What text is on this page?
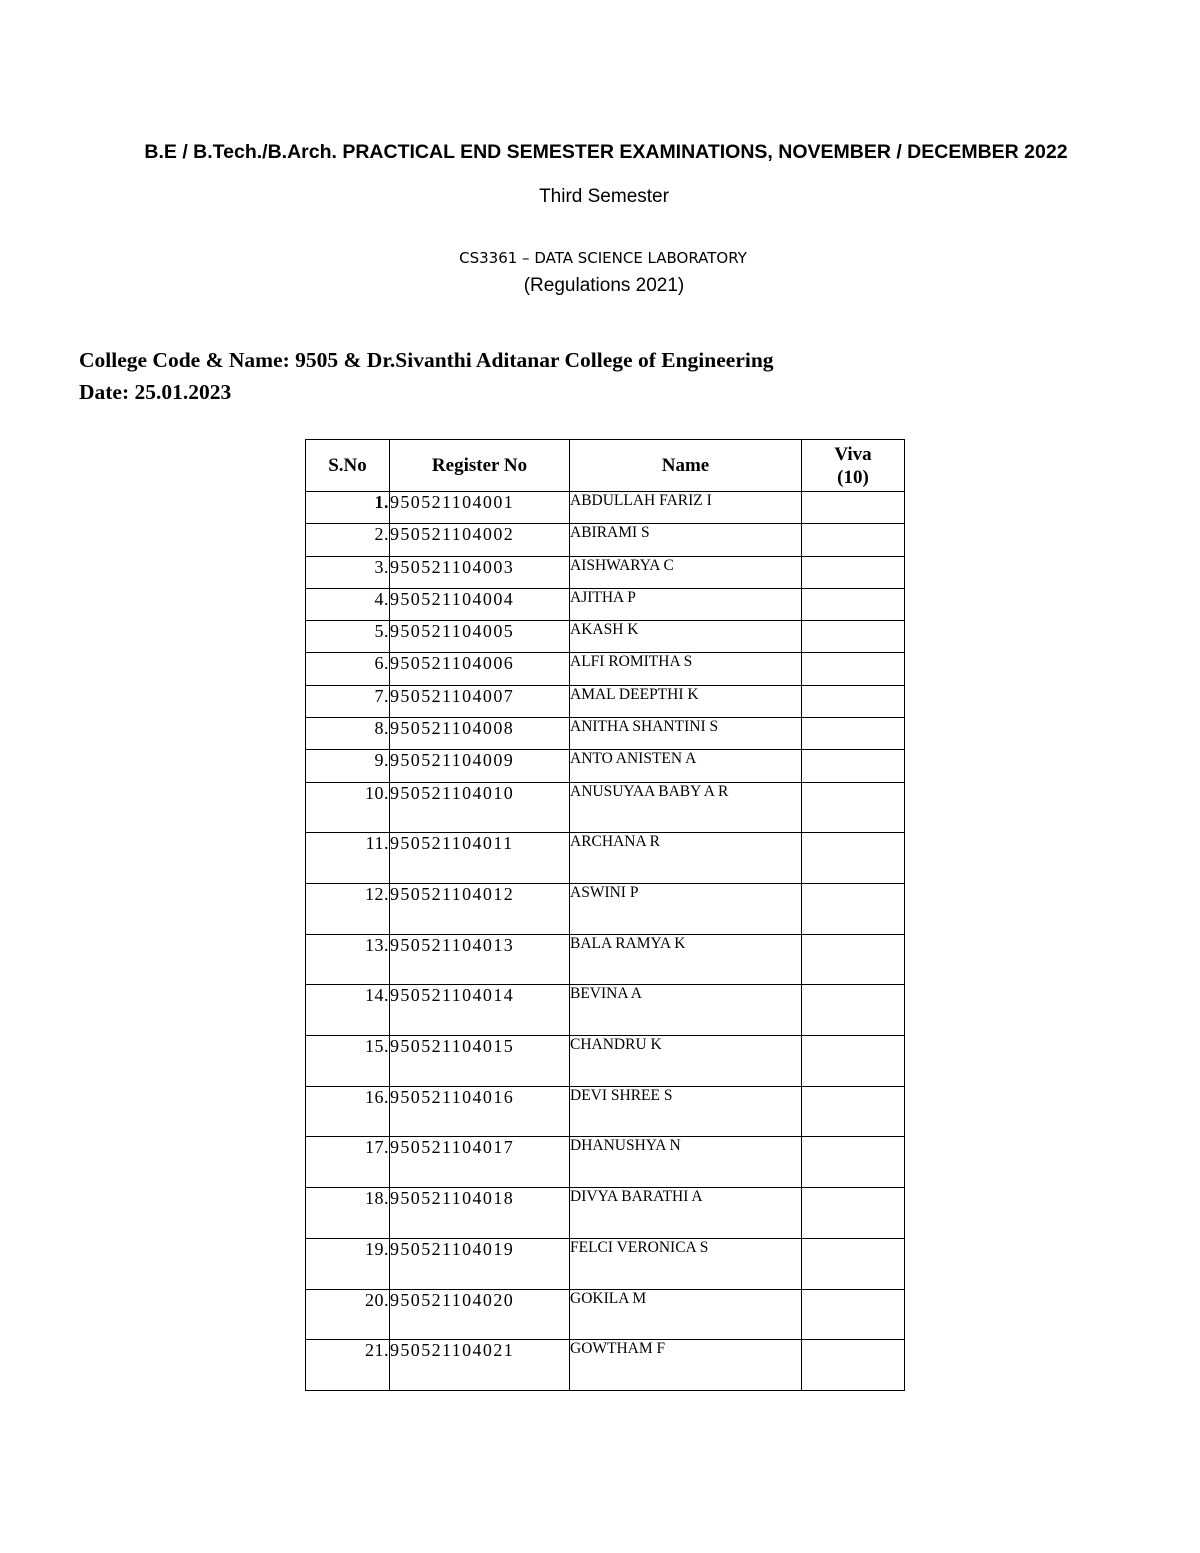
B.E / B.Tech./B.Arch. PRACTICAL END SEMESTER EXAMINATIONS, NOVEMBER / DECEMBER 2022
Third Semester
CS3361 – DATA SCIENCE LABORATORY
(Regulations 2021)
College Code & Name: 9505 & Dr.Sivanthi Aditanar College of Engineering
Date: 25.01.2023
S.No	Register No	Name	Viva
(10)

1.	950521104001	ABDULLAH FARIZ I	
2.	950521104002	ABIRAMI S	
3.	950521104003	AISHWARYA C	
4.	950521104004	AJITHA P	
5.	950521104005	AKASH K	
6.	950521104006	ALFI ROMITHA S	
7.	950521104007	AMAL DEEPTHI K	
8.	950521104008	ANITHA SHANTINI S	
9.	950521104009	ANTO ANISTEN A	
10.	950521104010	ANUSUYAA BABY A R	
11.	950521104011	ARCHANA R	
12.	950521104012	ASWINI P	
13.	950521104013	BALA RAMYA K	
14.	950521104014	BEVINA A	
15.	950521104015	CHANDRU K	
16.	950521104016	DEVI SHREE S	
17.	950521104017	DHANUSHYA N	
18.	950521104018	DIVYA BARATHI A	
19.	950521104019	FELCI VERONICA S	
20.	950521104020	GOKILA M	
21.	950521104021	GOWTHAM F	
